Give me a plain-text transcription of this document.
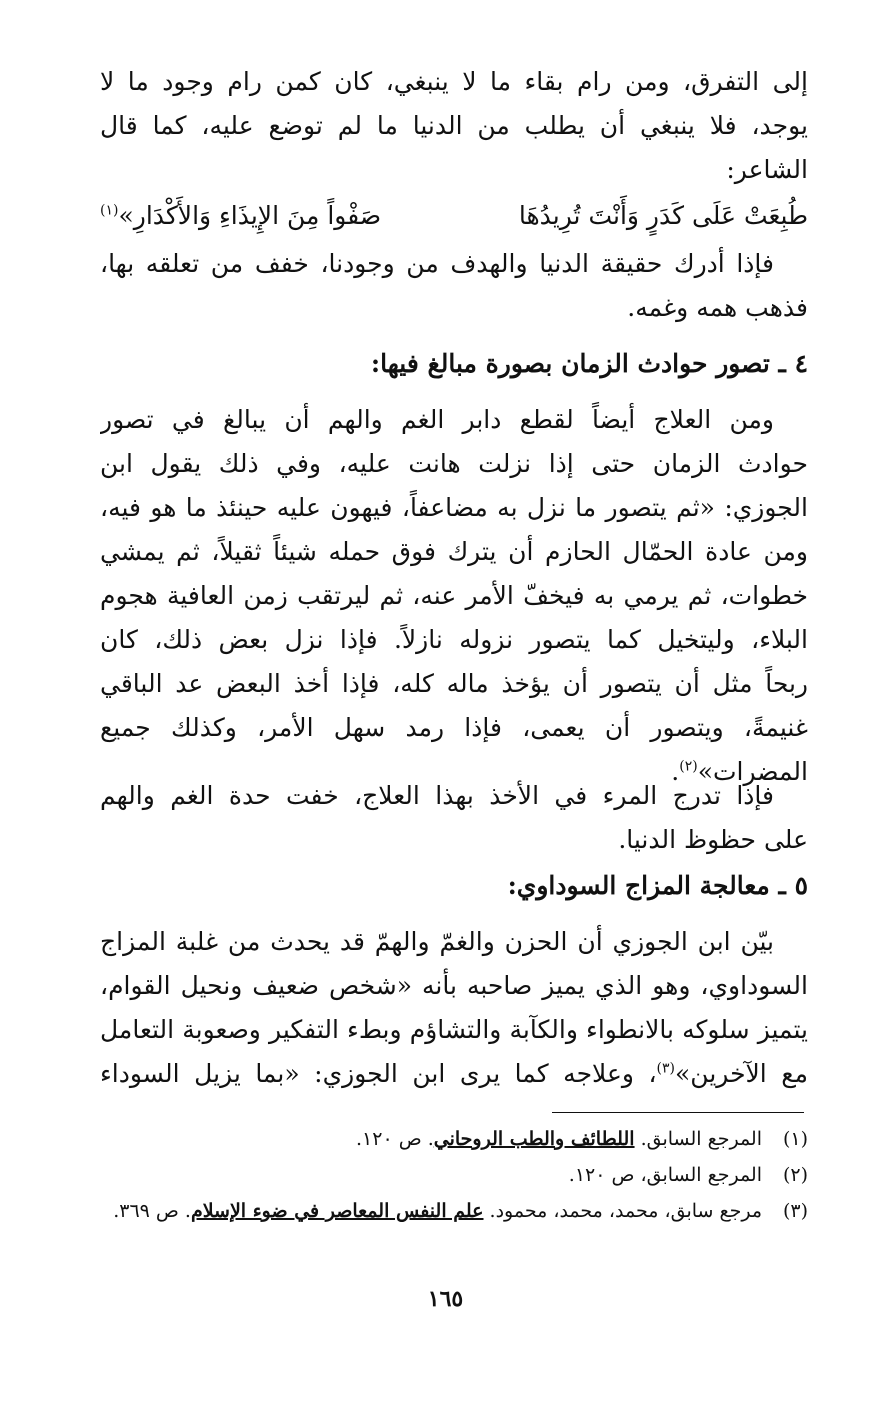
إلى التفرق، ومن رام بقاء ما لا ينبغي، كان كمن رام وجود ما لا
يوجد، فلا ينبغي أن يطلب من الدنيا ما لم توضع عليه، كما قال
الشاعر:
طُبِعَتْ عَلَى كَدَرٍ وَأَنْتَ تُرِيدُهَا
صَفْواً مِنَ الإِيذَاءِ وَالأَكْدَارِ»$^{(١)}$
فإذا أدرك حقيقة الدنيا والهدف من وجودنا، خفف من تعلقه بها،
فذهب همه وغمه.
٤ ـ تصور حوادث الزمان بصورة مبالغ فيها:
ومن العلاج أيضاً لقطع دابر الغم والهم أن يبالغ في تصور
حوادث الزمان حتى إذا نزلت هانت عليه، وفي ذلك يقول ابن
الجوزي: «ثم يتصور ما نزل به مضاعفاً، فيهون عليه حينئذ ما هو فيه،
ومن عادة الحمّال الحازم أن يترك فوق حمله شيئاً ثقيلاً، ثم يمشي
خطوات، ثم يرمي به فيخفّ الأمر عنه، ثم ليرتقب زمن العافية هجوم
البلاء، وليتخيل كما يتصور نزوله نازلاً. فإذا نزل بعض ذلك، كان
ربحاً مثل أن يتصور أن يؤخذ ماله كله، فإذا أخذ البعض عد الباقي
غنيمةً، ويتصور أن يعمى، فإذا رمد سهل الأمر، وكذلك جميع
المضرات»$^{(٢)}$.
فإذا تدرج المرء في الأخذ بهذا العلاج، خفت حدة الغم والهم
على حظوظ الدنيا.
٥ ـ معالجة المزاج السوداوي:
بيّن ابن الجوزي أن الحزن والغمّ والهمّ قد يحدث من غلبة المزاج
السوداوي، وهو الذي يميز صاحبه بأنه «شخص ضعيف ونحيل القوام،
يتميز سلوكه بالانطواء والكآبة والتشاؤم وبطء التفكير وصعوبة التعامل
مع الآخرين»$^{(٣)}$، وعلاجه كما يرى ابن الجوزي: «بما يزيل السوداء
(١)المرجع السابق. اللطائف والطب الروحاني. ص ١٢٠.
(٢)المرجع السابق، ص ١٢٠.
(٣)مرجع سابق، محمد، محمد، محمود. علم النفس المعاصر في ضوء الإسلام. ص ٣٦٩.
١٦٥
